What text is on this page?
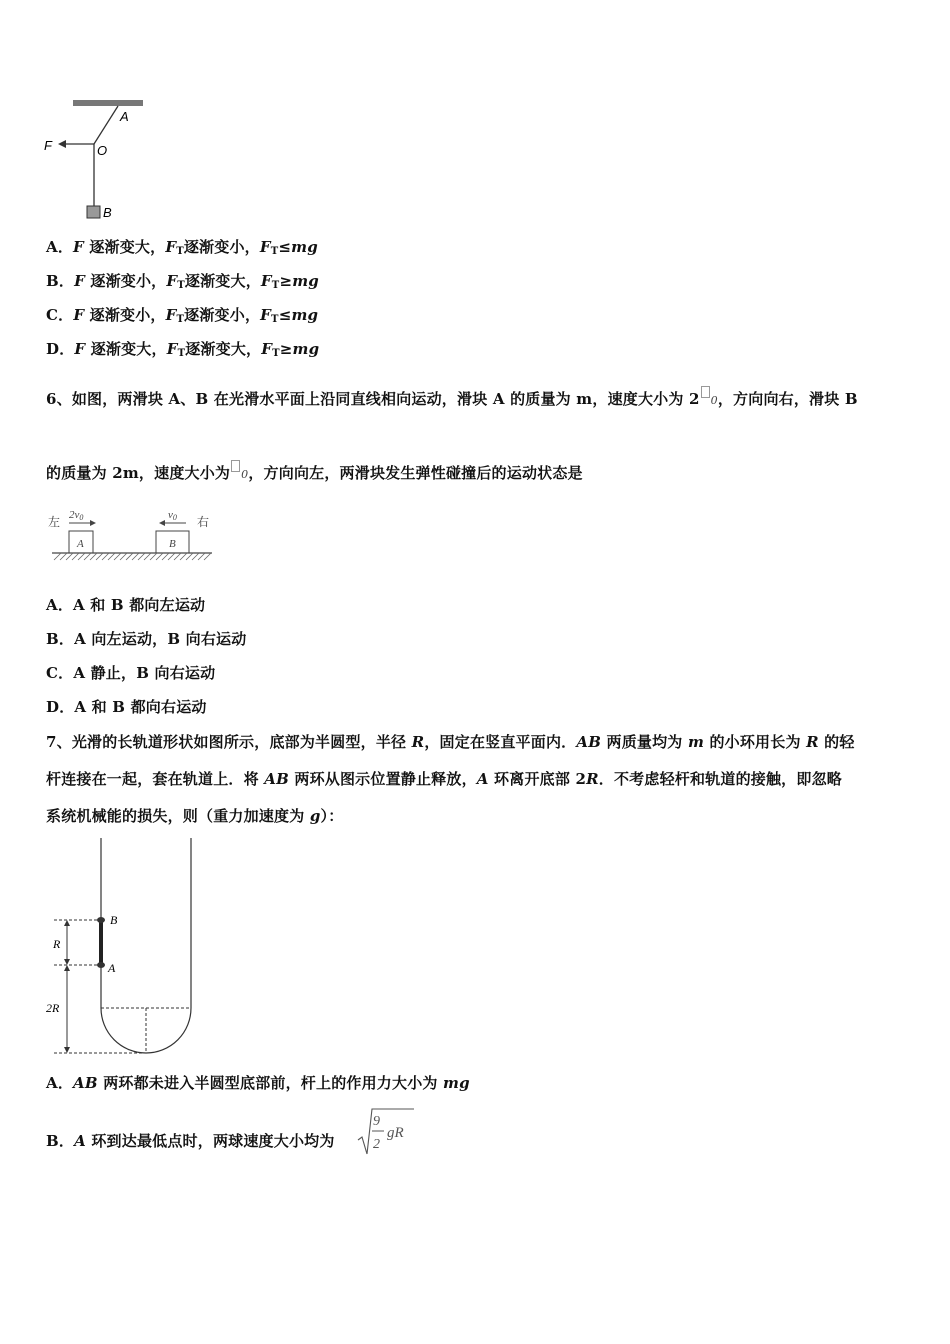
A
O
F
B
A．F 逐渐变大，$F_T$逐渐变小，$F_T\le mg$
B．F 逐渐变小，$F_T$逐渐变大，$F_T\ge mg$
C．F 逐渐变小，$F_T$逐渐变小，$F_T\le mg$
D．F 逐渐变大，$F_T$逐渐变大，$F_T\ge mg$
6、如图，两滑块 A、B 在光滑水平面上沿同直线相向运动，滑块 A 的质量为 m，速度大小为 2 0，方向向右，滑块 B
的质量为 2m，速度大小为 0，方向向左，两滑块发生弹性碰撞后的运动状态是
左	右
2v0	v0
A	B
A．A 和 B 都向左运动
B．A 向左运动，B 向右运动
C．A 静止，B 向右运动
D．A 和 B 都向右运动
7、光滑的长轨道形状如图所示，底部为半圆型，半径 R，固定在竖直平面内．AB 两质量均为 m 的小环用长为 R 的轻
杆连接在一起，套在轨道上．将 AB 两环从图示位置静止释放，A 环离开底部 2R．不考虑轻杆和轨道的接触，即忽略
系统机械能的损失，则（重力加速度为 g）：
B
A
R
2R
A．AB 两环都未进入半圆型底部前，杆上的作用力大小为 mg
B．A 环到达最低点时，两球速度大小均为
9
2
gR
